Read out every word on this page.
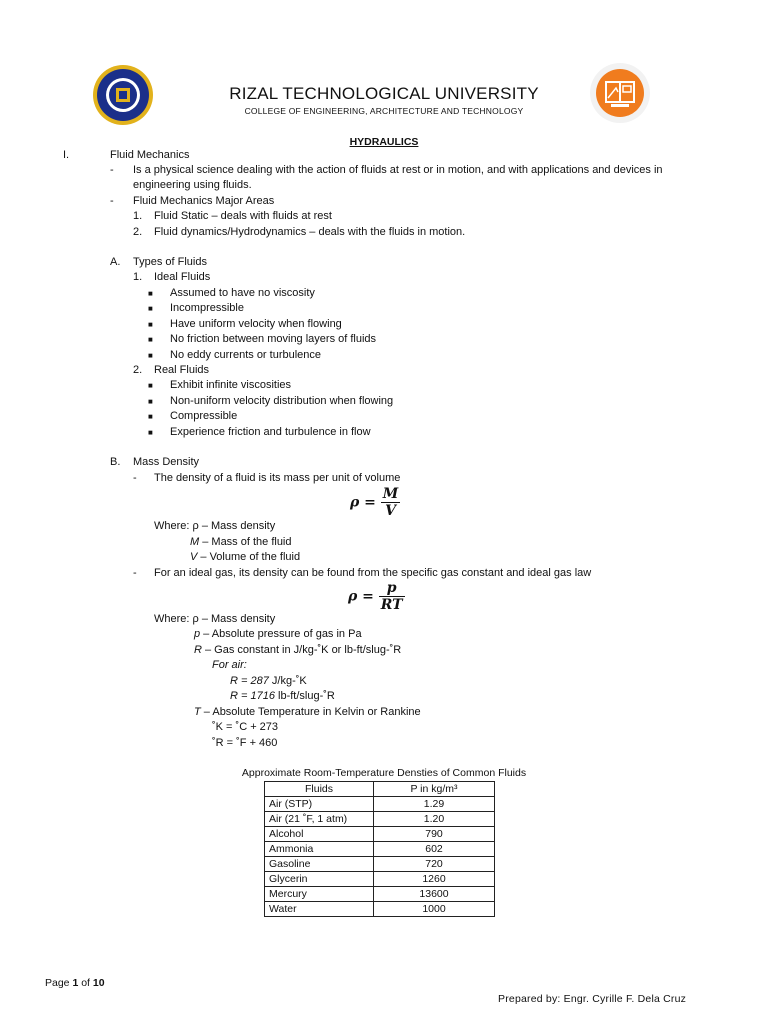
RIZAL TECHNOLOGICAL UNIVERSITY
COLLEGE OF ENGINEERING, ARCHITECTURE AND TECHNOLOGY
HYDRAULICS
I.	Fluid Mechanics
- Is a physical science dealing with the action of fluids at rest or in motion, and with applications and devices in
engineering using fluids.
- Fluid Mechanics Major Areas
1. Fluid Static – deals with fluids at rest
2. Fluid dynamics/Hydrodynamics – deals with the fluids in motion.
A. Types of Fluids
1. Ideal Fluids
■ Assumed to have no viscosity
■ Incompressible
■ Have uniform velocity when flowing
■ No friction between moving layers of fluids
■ No eddy currents or turbulence
2. Real Fluids
■ Exhibit infinite viscosities
■ Non-uniform velocity distribution when flowing
■ Compressible
■ Experience friction and turbulence in flow
B. Mass Density
- The density of a fluid is its mass per unit of volume
$\rho = \frac{M}{V}$
Where: ρ – Mass density
M – Mass of the fluid
V – Volume of the fluid
- For an ideal gas, its density can be found from the specific gas constant and ideal gas law
$\rho = \frac{p}{RT}$
Where: ρ – Mass density
p – Absolute pressure of gas in Pa
R – Gas constant in J/kg-˚K or lb-ft/slug-˚R
For air:
R = 287 J/kg-˚K
R = 1716 lb-ft/slug-˚R
T – Absolute Temperature in Kelvin or Rankine
˚K = ˚C + 273
˚R = ˚F + 460
Approximate Room-Temperature Densties of Common Fluids
Fluids	P in kg/m³
Air (STP)	1.29
Air (21 ˚F, 1 atm)	1.20
Alcohol	790
Ammonia	602
Gasoline	720
Glycerin	1260
Mercury	13600
Water	1000
Page 1 of 10
Prepared by: Engr. Cyrille F. Dela Cruz
